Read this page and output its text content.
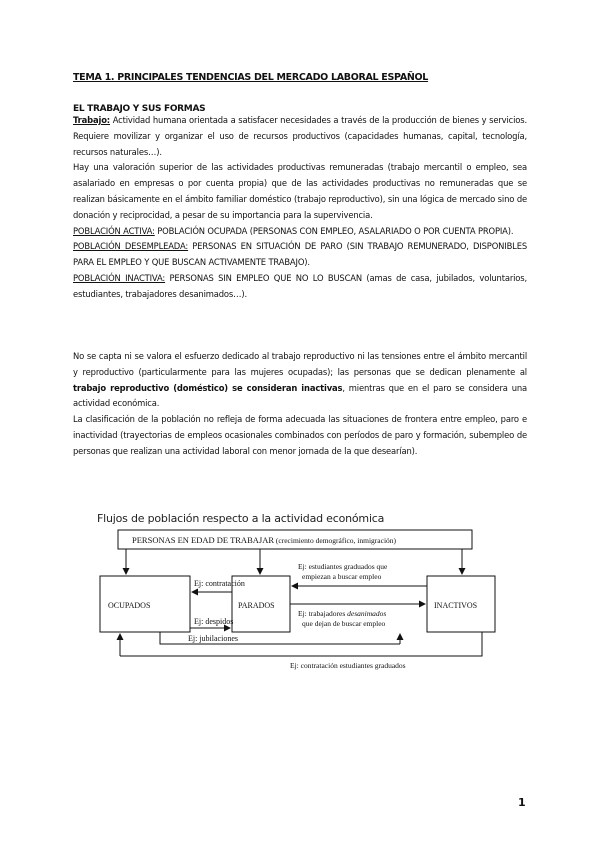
TEMA 1. PRINCIPALES TENDENCIAS DEL MERCADO LABORAL ESPAÑOL
EL TRABAJO Y SUS FORMAS

Trabajo: Actividad humana orientada a satisfacer necesidades a través de la producción de bienes y servicios. Requiere movilizar y organizar el uso de recursos productivos (capacidades humanas, capital, tecnología, recursos naturales…).

Hay una valoración superior de las actividades productivas remuneradas (trabajo mercantil o empleo, sea asalariado en empresas o por cuenta propia) que de las actividades productivas no remuneradas que se realizan básicamente en el ámbito familiar doméstico (trabajo reproductivo), sin una lógica de mercado sino de donación y reciprocidad, a pesar de su importancia para la supervivencia.

POBLACIÓN ACTIVA: POBLACIÓN OCUPADA (PERSONAS CON EMPLEO, ASALARIADO O POR CUENTA PROPIA).

POBLACIÓN DESEMPLEADA: PERSONAS EN SITUACIÓN DE PARO (SIN TRABAJO REMUNERADO, DISPONIBLES PARA EL EMPLEO Y QUE BUSCAN ACTIVAMENTE TRABAJO).

POBLACIÓN INACTIVA: PERSONAS SIN EMPLEO QUE NO LO BUSCAN (amas de casa, jubilados, voluntarios, estudiantes, trabajadores desanimados…).

No se capta ni se valora el esfuerzo dedicado al trabajo reproductivo ni las tensiones entre el ámbito mercantil y reproductivo (particularmente para las mujeres ocupadas); las personas que se dedican plenamente al trabajo reproductivo (doméstico) se consideran inactivas, mientras que en el paro se considera una actividad económica.

La clasificación de la población no refleja de forma adecuada las situaciones de frontera entre empleo, paro e inactividad (trayectorias de empleos ocasionales combinados con períodos de paro y formación, subempleo de personas que realizan una actividad laboral con menor jornada de la que desearían).

Flujos de población respecto a la actividad económica
PERSONAS EN EDAD DE TRABAJAR (crecimiento demográfico, inmigración)
OCUPADOS	PARADOS	INACTIVOS
Ej: contratación
Ej: estudiantes graduados que
empiezan a buscar empleo
Ej: trabajadores desanimados
que dejan de buscar empleo
Ej: despidos
Ej: jubilaciones
Ej: contratación estudiantes graduados
1
